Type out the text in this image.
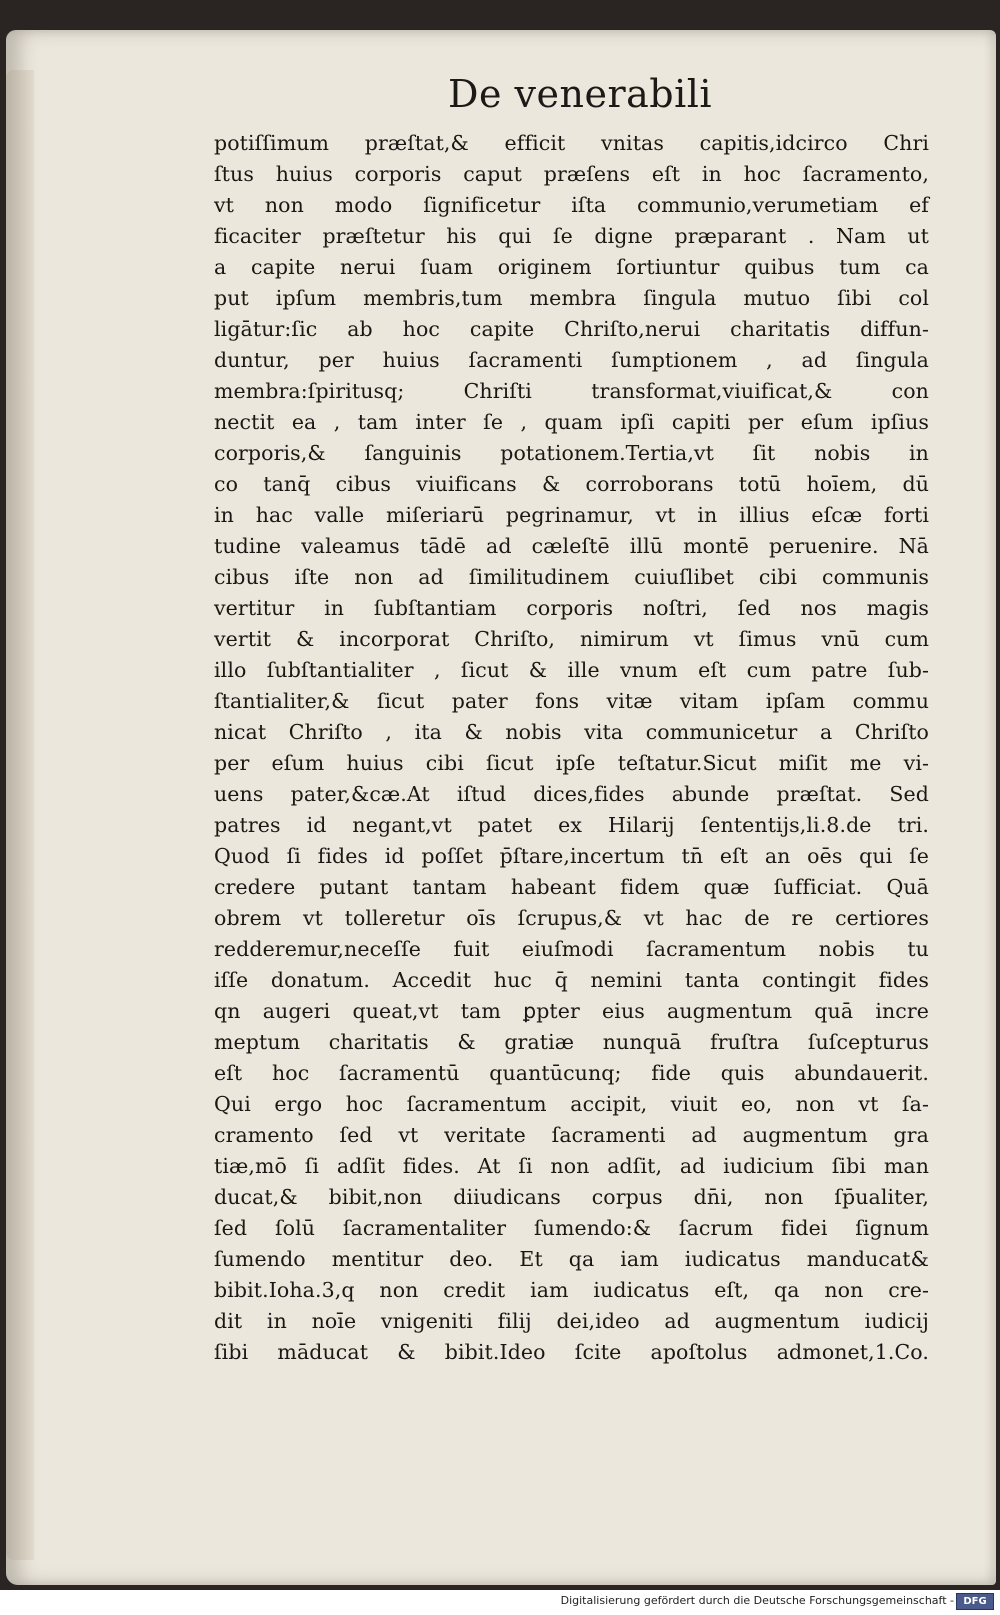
De venerabili
potiſſimum præſtat,& efficit vnitas capitis,idcirco Chri
ſtus huius corporis caput præſens eſt in hoc ſacramento,
vt non modo ſignificetur iſta communio,verumetiam ef
ficaciter præſtetur his qui ſe digne præparant . Nam ut
a capite nerui ſuam originem ſortiuntur quibus tum ca
put ipſum membris,tum membra ſingula mutuo ſibi col
ligātur:ſic ab hoc capite Chriſto,nerui charitatis diffun-
duntur, per huius ſacramenti ſumptionem , ad ſingula
membra:ſpiritusq; Chriſti transformat,viuificat,& con
nectit ea , tam inter ſe , quam ipſi capiti per eſum ipſius
corporis,& ſanguinis potationem.Tertia,vt ſit nobis in
co tanq̄ cibus viuificans & corroborans totū hoīem, dū
in hac valle miſeriarū pegrinamur, vt in illius eſcæ forti
tudine valeamus tādē ad cæleſtē illū montē peruenire. Nā
cibus iſte non ad ſimilitudinem cuiuſlibet cibi communis
vertitur in ſubſtantiam corporis noſtri, ſed nos magis
vertit & incorporat Chriſto, nimirum vt ſimus vnū cum
illo ſubſtantialiter , ſicut & ille vnum eſt cum patre ſub-
ſtantialiter,& ſicut pater fons vitæ vitam ipſam commu
nicat Chriſto , ita & nobis vita communicetur a Chriſto
per eſum huius cibi ſicut ipſe teſtatur.Sicut miſit me vi-
uens pater,&cæ.At iſtud dices,fides abunde præſtat. Sed
patres id negant,vt patet ex Hilarij ſententijs,li.8.de tri.
Quod ſi fides id poſſet p̄ſtare,incertum tn̄ eſt an oēs qui ſe
credere putant tantam habeant fidem quæ ſufficiat. Quā
obrem vt tolleretur oīs ſcrupus,& vt hac de re certiores
redderemur,neceſſe fuit eiuſmodi ſacramentum nobis tu
iſſe donatum. Accedit huc q̄ nemini tanta contingit fides
qn augeri queat,vt tam ꝑpter eius augmentum quā incre
meptum charitatis & gratiæ nunquā fruſtra ſuſcepturus
eſt hoc ſacramentū quantūcunq; fide quis abundauerit.
Qui ergo hoc ſacramentum accipit, viuit eo, non vt ſa-
cramento ſed vt veritate ſacramenti ad augmentum gra
tiæ,mō ſi adſit fides. At ſi non adſit, ad iudicium ſibi man
ducat,& bibit,non diiudicans corpus dn̄i, non ſp̄ualiter,
ſed ſolū ſacramentaliter ſumendo:& ſacrum fidei ſignum
ſumendo mentitur deo. Et qa iam iudicatus manducat&
bibit.Ioha.3,q non credit iam iudicatus eſt, qa non cre-
dit in noīe vnigeniti filij dei,ideo ad augmentum iudicij
ſibi māducat & bibit.Ideo ſcite apoſtolus admonet,1.Co.

Digitalisierung gefördert durch die Deutsche Forschungsgemeinschaft - DFG
